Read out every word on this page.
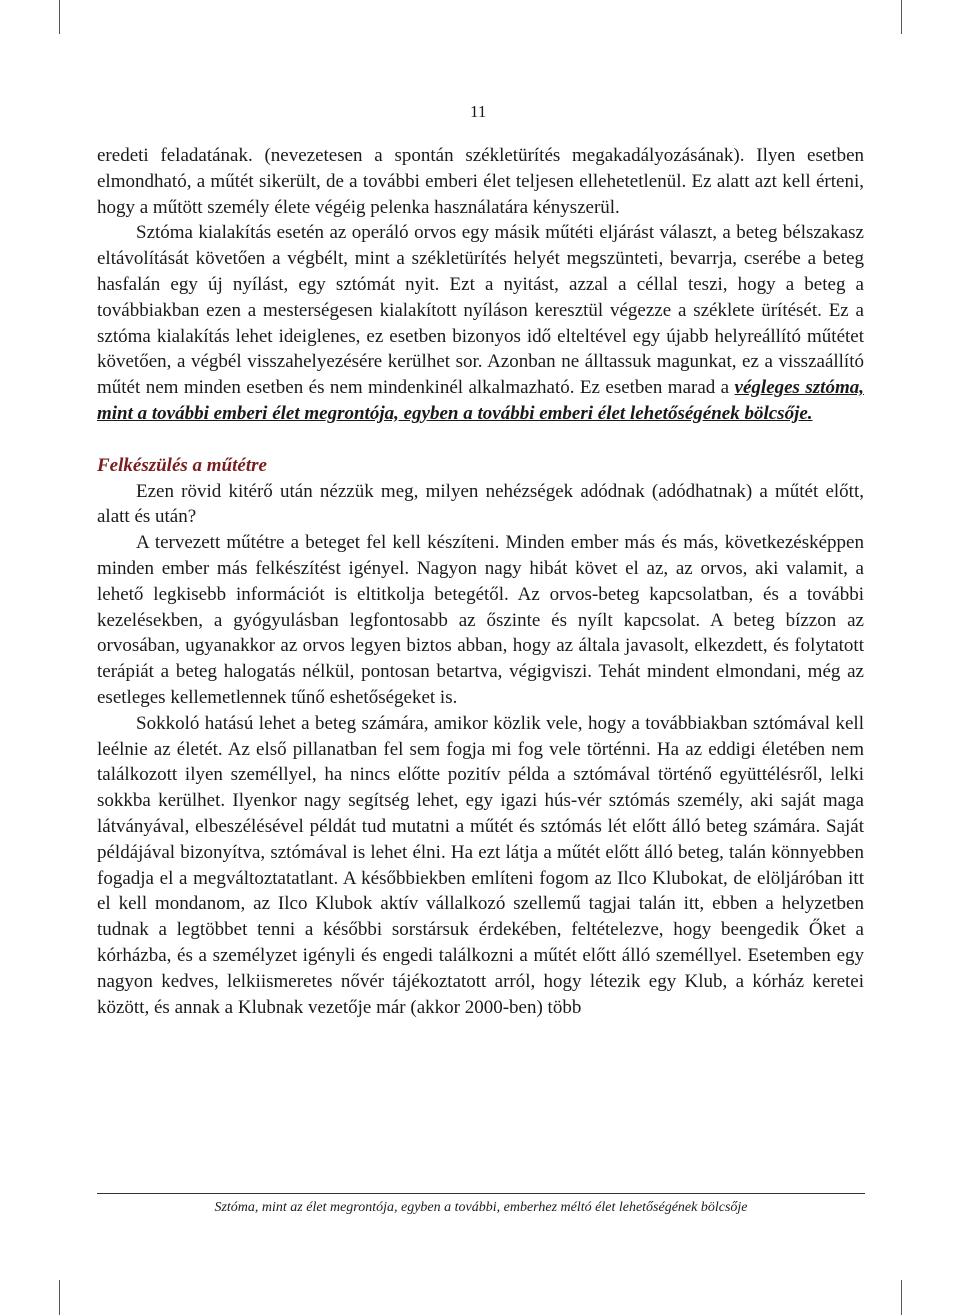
11

eredeti feladatának. (nevezetesen a spontán székletürítés megakadályozásának). Ilyen esetben elmondható, a műtét sikerült, de a további emberi élet teljesen ellehetetlenül. Ez alatt azt kell érteni, hogy a műtött személy élete végéig pelenka használatára kényszerül.

Sztóma kialakítás esetén az operáló orvos egy másik műtéti eljárást választ, a beteg bélszakasz eltávolítását követően a végbélt, mint a székletürítés helyét megszünteti, bevarrja, cserébe a beteg hasfalán egy új nyílást, egy sztómát nyit. Ezt a nyitást, azzal a céllal teszi, hogy a beteg a továbbiakban ezen a mesterségesen kialakított nyíláson keresztül végezze a széklete ürítését. Ez a sztóma kialakítás lehet ideiglenes, ez esetben bizonyos idő elteltével egy újabb helyreállító műtétet követően, a végbél visszahelyezésére kerülhet sor. Azonban ne álltassuk magunkat, ez a visszaállító műtét nem minden esetben és nem mindenkinél alkalmazható. Ez esetben marad a végleges sztóma, mint a további emberi élet megrontója, egyben a további emberi élet lehetőségének bölcsője.

Felkészülés a műtétre

Ezen rövid kitérő után nézzük meg, milyen nehézségek adódnak (adódhatnak) a műtét előtt, alatt és után?

A tervezett műtétre a beteget fel kell készíteni. Minden ember más és más, következésképpen minden ember más felkészítést igényel. Nagyon nagy hibát követ el az, az orvos, aki valamit, a lehető legkisebb információt is eltitkolja betegétől. Az orvos-beteg kapcsolatban, és a további kezelésekben, a gyógyulásban legfontosabb az őszinte és nyílt kapcsolat. A beteg bízzon az orvosában, ugyanakkor az orvos legyen biztos abban, hogy az általa javasolt, elkezdett, és folytatott terápiát a beteg halogatás nélkül, pontosan betartva, végigviszi. Tehát mindent elmondani, még az esetleges kellemetlennek tűnő eshetőségeket is.

Sokkoló hatású lehet a beteg számára, amikor közlik vele, hogy a továbbiakban sztómával kell leélnie az életét. Az első pillanatban fel sem fogja mi fog vele történni. Ha az eddigi életében nem találkozott ilyen személlyel, ha nincs előtte pozitív példa a sztómával történő együttélésről, lelki sokkba kerülhet. Ilyenkor nagy segítség lehet, egy igazi hús-vér sztómás személy, aki saját maga látványával, elbeszélésével példát tud mutatni a műtét és sztómás lét előtt álló beteg számára. Saját példájával bizonyítva, sztómával is lehet élni. Ha ezt látja a műtét előtt álló beteg, talán könnyebben fogadja el a megváltoztatatlant. A későbbiekben említeni fogom az Ilco Klubokat, de elöljáróban itt el kell mondanom, az Ilco Klubok aktív vállalkozó szellemű tagjai talán itt, ebben a helyzetben tudnak a legtöbbet tenni a későbbi sorstársuk érdekében, feltételezve, hogy beengedik Őket a kórházba, és a személyzet igényli és engedi találkozni a műtét előtt álló személlyel. Esetemben egy nagyon kedves, lelkiismeretes nővér tájékoztatott arról, hogy létezik egy Klub, a kórház keretei között, és annak a Klubnak vezetője már (akkor 2000-ben) több

Sztóma, mint az élet megrontója, egyben a további, emberhez méltó élet lehetőségének bölcsője
